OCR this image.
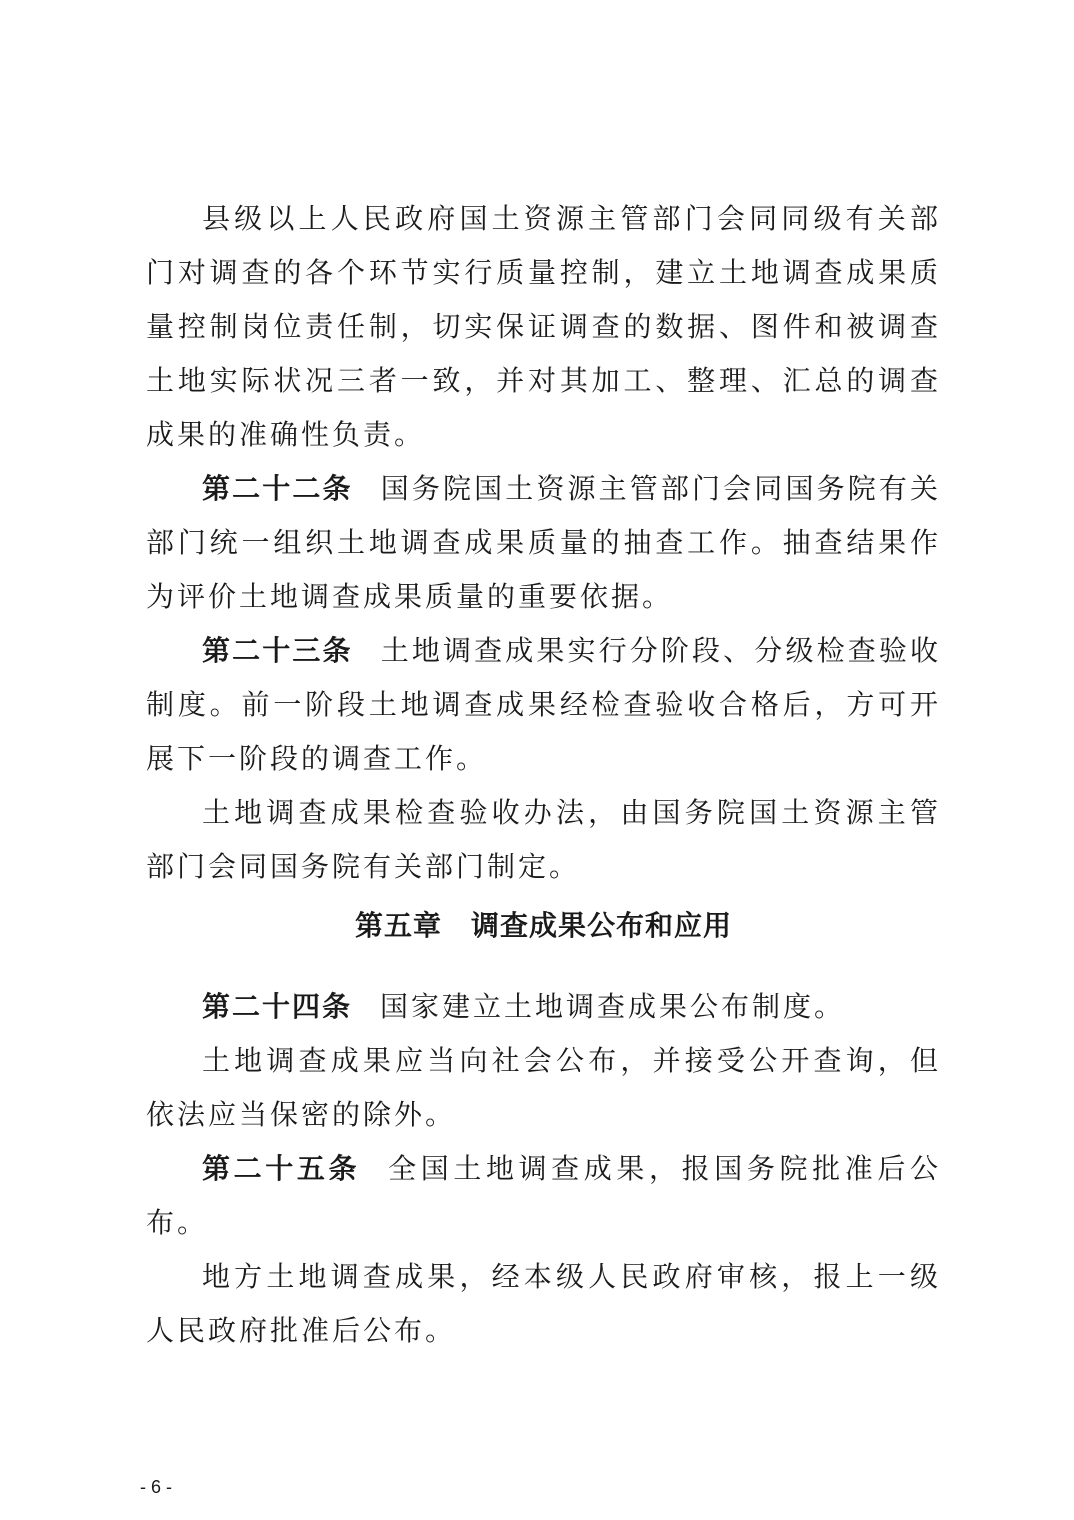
县级以上人民政府国土资源主管部门会同同级有关部门对调查的各个环节实行质量控制，建立土地调查成果质量控制岗位责任制，切实保证调查的数据、图件和被调查土地实际状况三者一致，并对其加工、整理、汇总的调查成果的准确性负责。

第二十二条 国务院国土资源主管部门会同国务院有关部门统一组织土地调查成果质量的抽查工作。抽查结果作为评价土地调查成果质量的重要依据。

第二十三条 土地调查成果实行分阶段、分级检查验收制度。前一阶段土地调查成果经检查验收合格后，方可开展下一阶段的调查工作。

土地调查成果检查验收办法，由国务院国土资源主管部门会同国务院有关部门制定。

第五章　调查成果公布和应用

第二十四条 国家建立土地调查成果公布制度。

土地调查成果应当向社会公布，并接受公开查询，但依法应当保密的除外。

第二十五条 全国土地调查成果，报国务院批准后公布。

地方土地调查成果，经本级人民政府审核，报上一级人民政府批准后公布。

- 6 -
